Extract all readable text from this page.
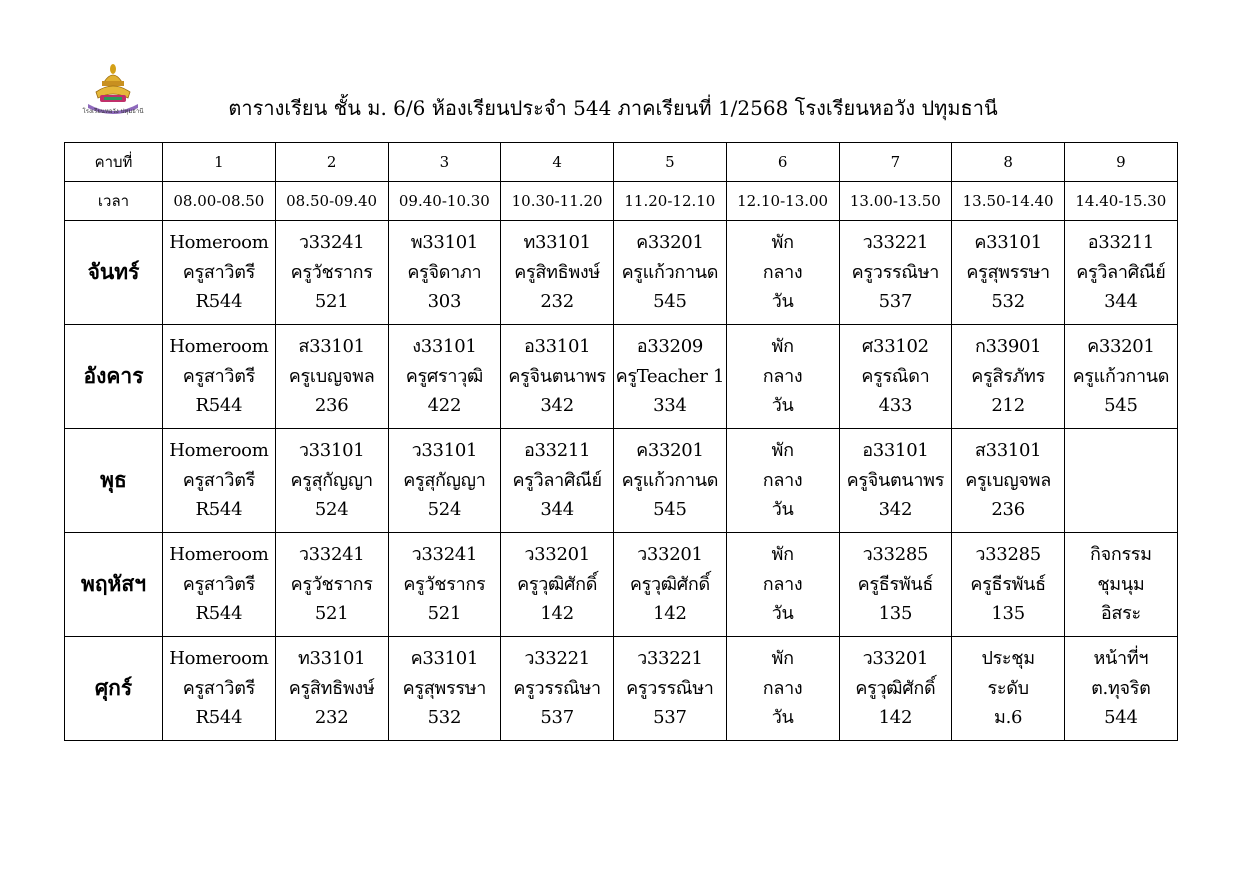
โรงเรียนหอวัง ปทุมธานี	ตารางเรียน ชั้น ม. 6/6 ห้องเรียนประจำ 544 ภาคเรียนที่ 1/2568 โรงเรียนหอวัง ปทุมธานี
คาบที่	1	2	3	4	5	6	7	8	9
เวลา	08.00-08.50	08.50-09.40	09.40-10.30	10.30-11.20	11.20-12.10	12.10-13.00	13.00-13.50	13.50-14.40	14.40-15.30
จันทร์	Homeroom
ครูสาวิตรี
R544	ว33241
ครูวัชรากร
521	พ33101
ครูจิดาภา
303	ท33101
ครูสิทธิพงษ์
232	ค33201
ครูแก้วกานด
545	พัก
กลาง
วัน	ว33221
ครูวรรณิษา
537	ค33101
ครูสุพรรษา
532	อ33211
ครูวิลาศิณีย์
344

อังคาร	Homeroom
ครูสาวิตรี
R544	ส33101
ครูเบญจพล
236	ง33101
ครูศราวุฒิ
422	อ33101
ครูจินตนาพร
342	อ33209
ครูTeacher 1
334	พัก
กลาง
วัน	ศ33102
ครูรณิดา
433	ก33901
ครูสิรภัทร
212	ค33201
ครูแก้วกานด
545

พุธ	Homeroom
ครูสาวิตรี
R544	ว33101
ครูสุกัญญา
524	ว33101
ครูสุกัญญา
524	อ33211
ครูวิลาศิณีย์
344	ค33201
ครูแก้วกานด
545	พัก
กลาง
วัน	อ33101
ครูจินตนาพร
342	ส33101
ครูเบญจพล
236	

พฤหัสฯ	Homeroom
ครูสาวิตรี
R544	ว33241
ครูวัชรากร
521	ว33241
ครูวัชรากร
521	ว33201
ครูวุฒิศักดิ์
142	ว33201
ครูวุฒิศักดิ์
142	พัก
กลาง
วัน	ว33285
ครูธีรพันธ์
135	ว33285
ครูธีรพันธ์
135	กิจกรรม
ชุมนุม
อิสระ

ศุกร์	Homeroom
ครูสาวิตรี
R544	ท33101
ครูสิทธิพงษ์
232	ค33101
ครูสุพรรษา
532	ว33221
ครูวรรณิษา
537	ว33221
ครูวรรณิษา
537	พัก
กลาง
วัน	ว33201
ครูวุฒิศักดิ์
142	ประชุม
ระดับ
ม.6	หน้าที่ฯ
ต.ทุจริต
544
